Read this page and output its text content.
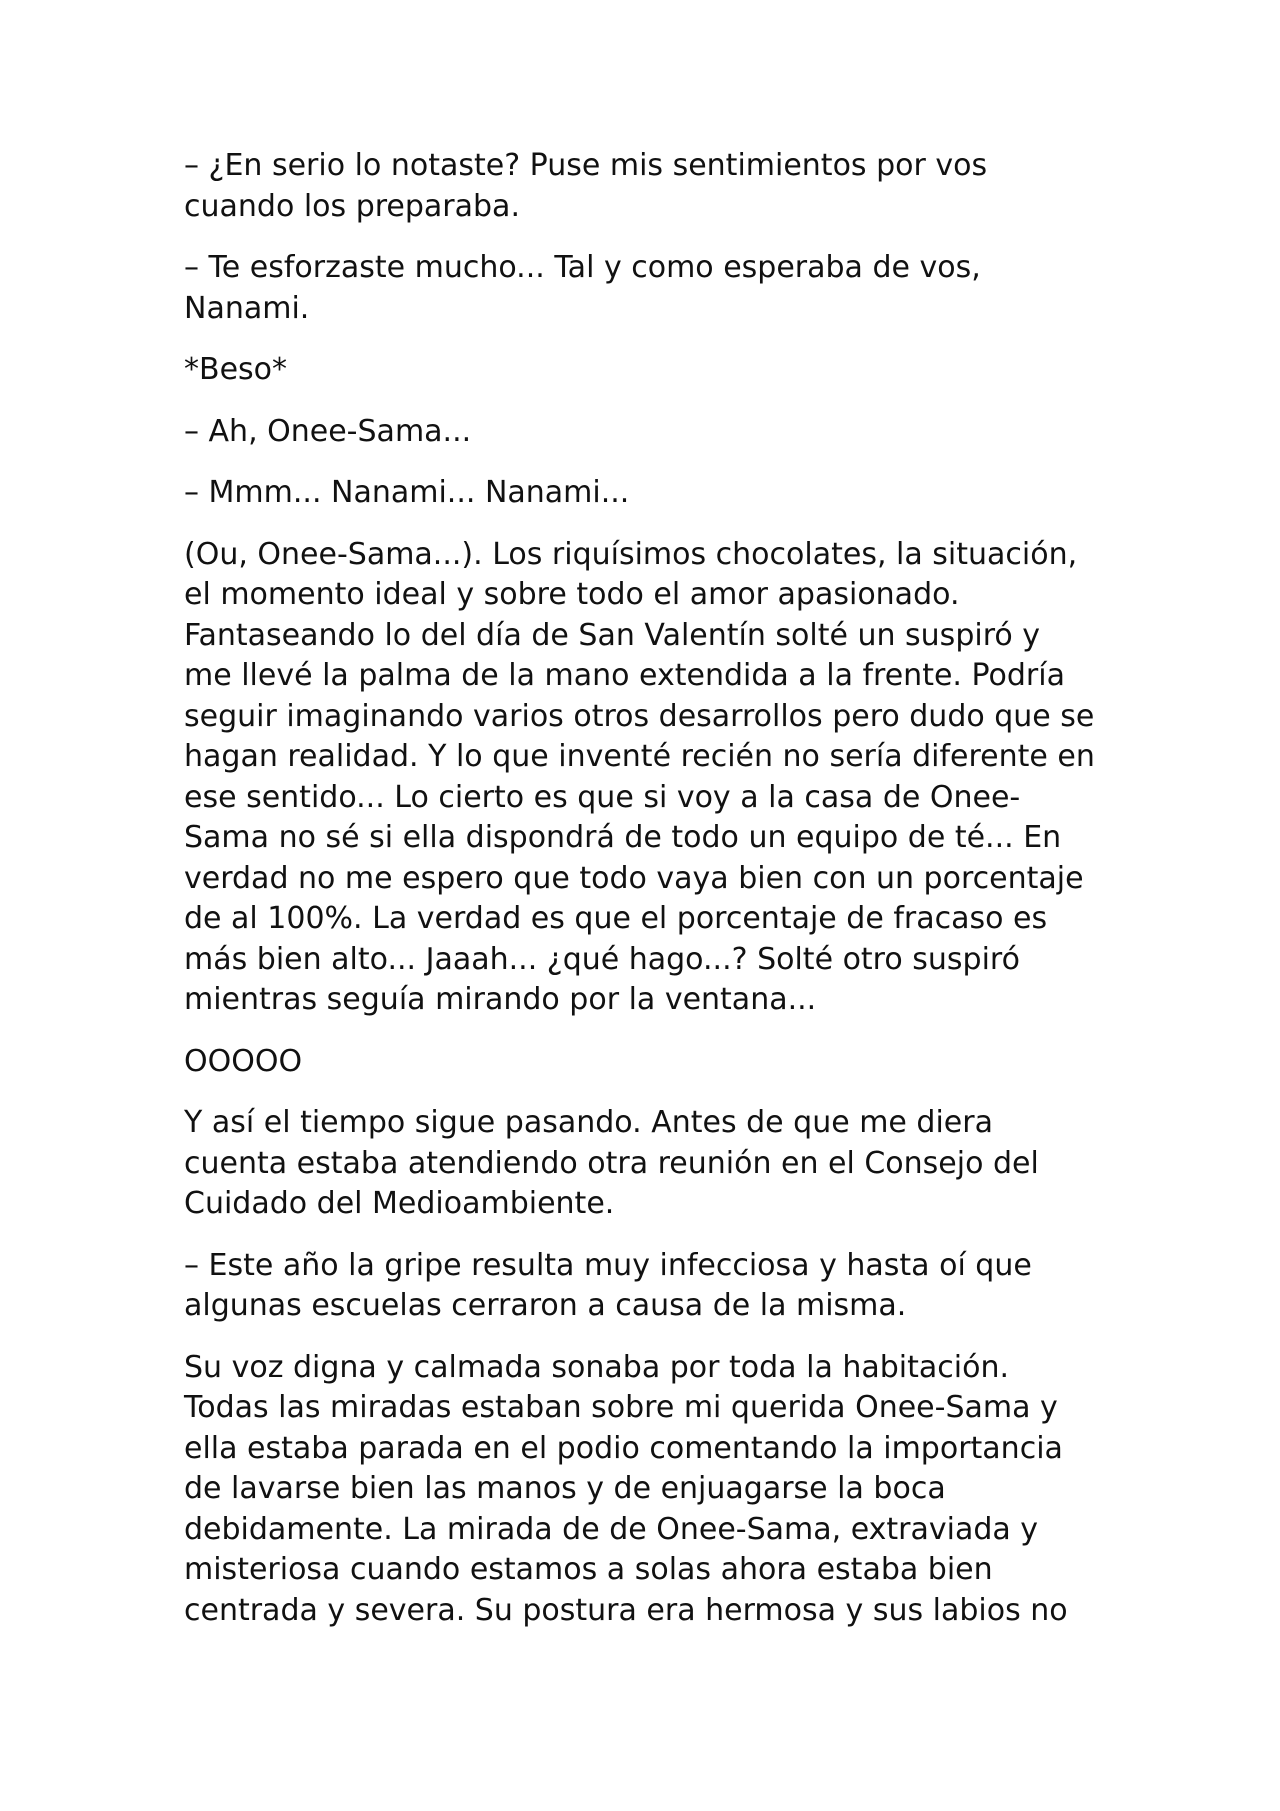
– ¿En serio lo notaste? Puse mis sentimientos por vos
cuando los preparaba.

– Te esforzaste mucho... Tal y como esperaba de vos,
Nanami.

*Beso*

– Ah, Onee-Sama...

– Mmm... Nanami... Nanami...

(Ou, Onee-Sama...). Los riquísimos chocolates, la situación,
el momento ideal y sobre todo el amor apasionado.
Fantaseando lo del día de San Valentín solté un suspiró y
me llevé la palma de la mano extendida a la frente. Podría
seguir imaginando varios otros desarrollos pero dudo que se
hagan realidad. Y lo que inventé recién no sería diferente en
ese sentido... Lo cierto es que si voy a la casa de Onee-
Sama no sé si ella dispondrá de todo un equipo de té... En
verdad no me espero que todo vaya bien con un porcentaje
de al 100%. La verdad es que el porcentaje de fracaso es
más bien alto... Jaaah... ¿qué hago...? Solté otro suspiró
mientras seguía mirando por la ventana...

OOOOO

Y así el tiempo sigue pasando. Antes de que me diera
cuenta estaba atendiendo otra reunión en el Consejo del
Cuidado del Medioambiente.

– Este año la gripe resulta muy infecciosa y hasta oí que
algunas escuelas cerraron a causa de la misma.

Su voz digna y calmada sonaba por toda la habitación.
Todas las miradas estaban sobre mi querida Onee-Sama y
ella estaba parada en el podio comentando la importancia
de lavarse bien las manos y de enjuagarse la boca
debidamente. La mirada de de Onee-Sama, extraviada y
misteriosa cuando estamos a solas ahora estaba bien
centrada y severa. Su postura era hermosa y sus labios no
